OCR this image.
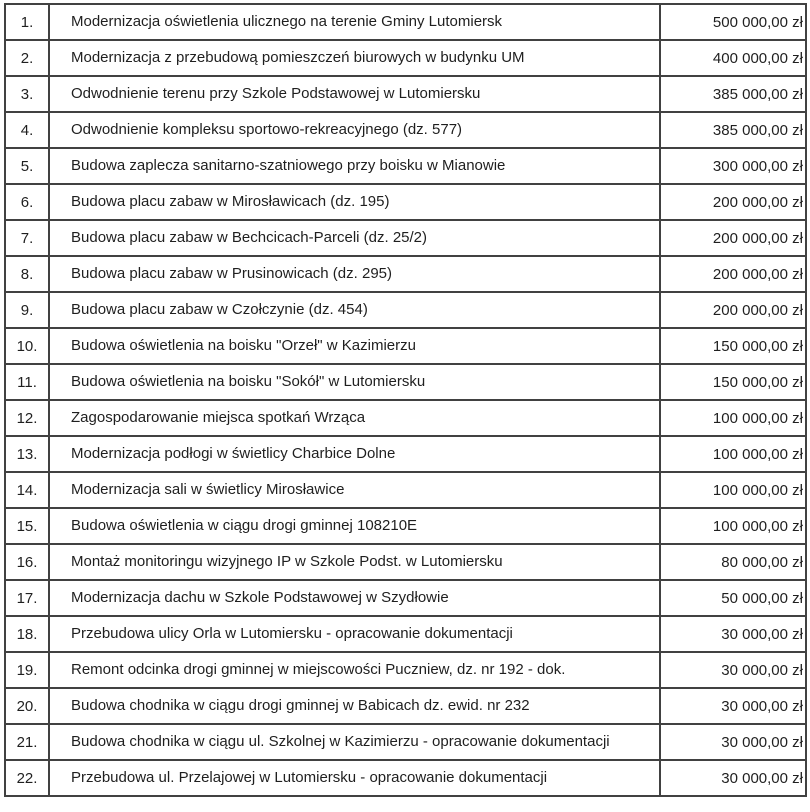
1.	Modernizacja oświetlenia ulicznego na terenie Gminy Lutomiersk	500 000,00 zł
2.	Modernizacja z przebudową pomieszczeń biurowych w budynku UM	400 000,00 zł
3.	Odwodnienie terenu przy Szkole Podstawowej w Lutomiersku	385 000,00 zł
4.	Odwodnienie kompleksu sportowo-rekreacyjnego (dz. 577)	385 000,00 zł
5.	Budowa zaplecza sanitarno-szatniowego przy boisku w Mianowie	300 000,00 zł
6.	Budowa placu zabaw w Mirosławicach (dz. 195)	200 000,00 zł
7.	Budowa placu zabaw w Bechcicach-Parceli (dz. 25/2)	200 000,00 zł
8.	Budowa placu zabaw w Prusinowicach (dz. 295)	200 000,00 zł
9.	Budowa placu zabaw w Czołczynie (dz. 454)	200 000,00 zł
10.	Budowa oświetlenia na boisku "Orzeł" w Kazimierzu	150 000,00 zł
11.	Budowa oświetlenia na boisku "Sokół" w Lutomiersku	150 000,00 zł
12.	Zagospodarowanie miejsca spotkań Wrząca	100 000,00 zł
13.	Modernizacja podłogi w świetlicy Charbice Dolne	100 000,00 zł
14.	Modernizacja sali w świetlicy Mirosławice	100 000,00 zł
15.	Budowa oświetlenia w ciągu drogi gminnej 108210E	100 000,00 zł
16.	Montaż monitoringu wizyjnego IP w Szkole Podst. w Lutomiersku	80 000,00 zł
17.	Modernizacja dachu w Szkole Podstawowej w Szydłowie	50 000,00 zł
18.	Przebudowa ulicy Orla w Lutomiersku - opracowanie dokumentacji	30 000,00 zł
19.	Remont odcinka drogi gminnej w miejscowości Puczniew, dz. nr 192 - dok.	30 000,00 zł
20.	Budowa chodnika w ciągu drogi gminnej w Babicach dz. ewid. nr 232	30 000,00 zł
21.	Budowa chodnika w ciągu ul. Szkolnej w Kazimierzu - opracowanie dokumentacji	30 000,00 zł
22.	Przebudowa ul. Przelajowej w Lutomiersku - opracowanie dokumentacji	30 000,00 zł
